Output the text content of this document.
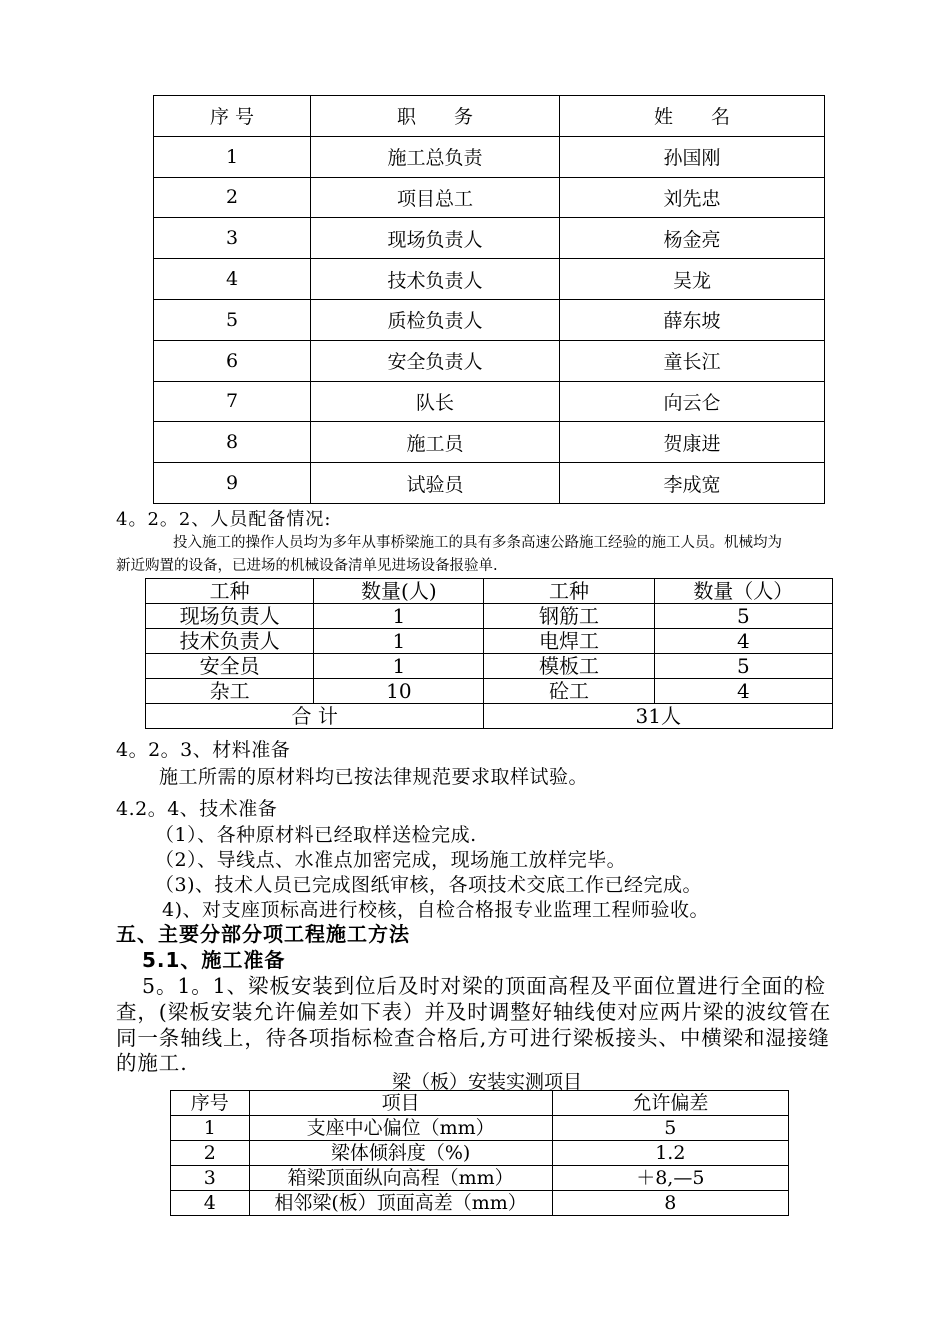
序 号	职　　务	姓　　名
1	施工总负责	孙国刚
2	项目总工	刘先忠
3	现场负责人	杨金亮
4	技术负责人	吴龙
5	质检负责人	薛东坡
6	安全负责人	童长江
7	队长	向云仑
8	施工员	贺康进
9	试验员	李成宽
4。2。2、人员配备情况:
投入施工的操作人员均为多年从事桥梁施工的具有多条高速公路施工经验的施工人员。机械均为
新近购置的设备，已进场的机械设备清单见进场设备报验单.
工种	数量(人)	工种	数量（人）
现场负责人	1	钢筋工	5
技术负责人	1	电焊工	4
安全员	1	模板工	5
杂工	10	砼工	4
合 计		31人	
4。2。3、材料准备
施工所需的原材料均已按法律规范要求取样试验。
4.2。4、技术准备
（1）、各种原材料已经取样送检完成.
（2）、导线点、水准点加密完成，现场施工放样完毕。
（3)、技术人员已完成图纸审核，各项技术交底工作已经完成。
4)、对支座顶标高进行校核，自检合格报专业监理工程师验收。
五、主要分部分项工程施工方法
5.1、施工准备
5。1。1、梁板安装到位后及时对梁的顶面高程及平面位置进行全面的检
查，(梁板安装允许偏差如下表）并及时调整好轴线使对应两片梁的波纹管在
同一条轴线上，待各项指标检查合格后,方可进行梁板接头、中横梁和湿接缝
的施工.
梁（板）安装实测项目
序号	项目	允许偏差
1	支座中心偏位（mm）	5
2	梁体倾斜度（%)	1.2
3	箱梁顶面纵向高程（mm）	＋8,—5
4	相邻梁(板）顶面高差（mm）	8
